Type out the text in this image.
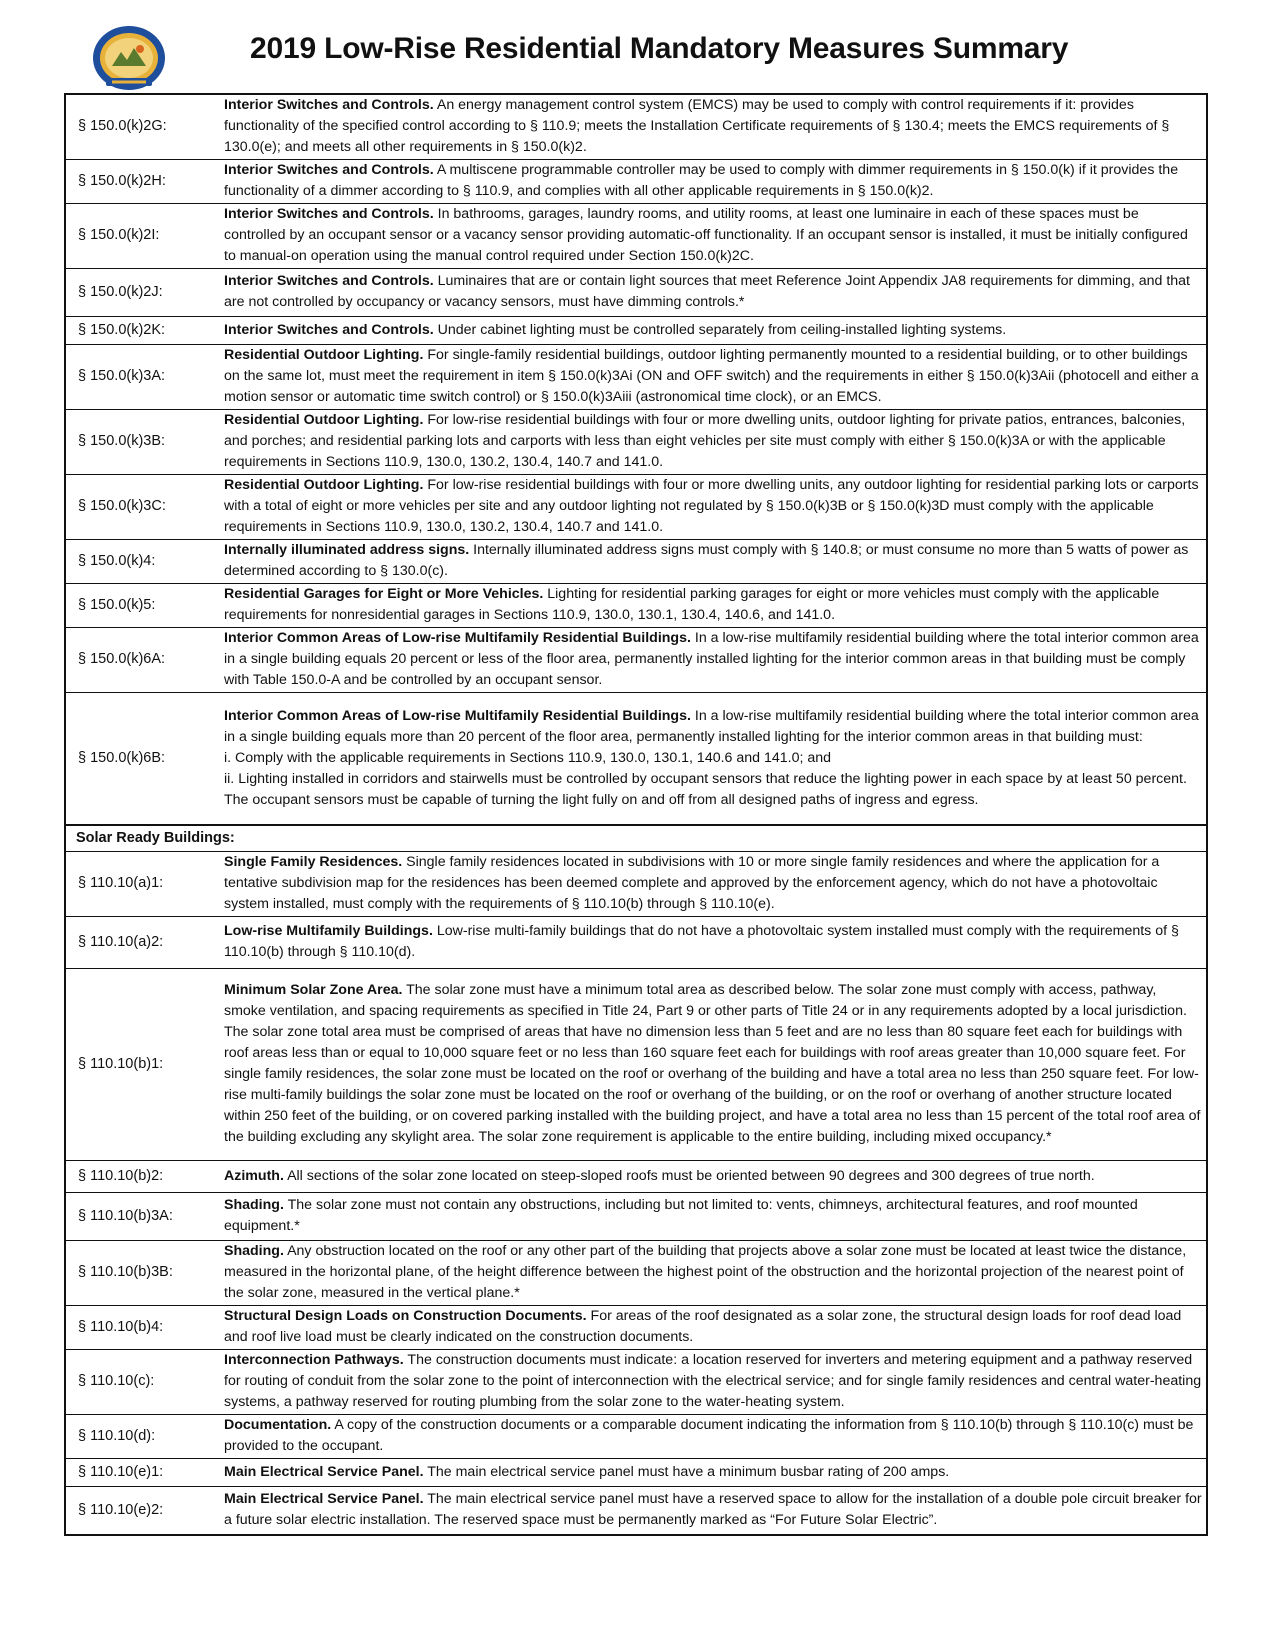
2019 Low-Rise Residential Mandatory Measures Summary
§ 150.0(k)2G:	Interior Switches and Controls. An energy management control system (EMCS) may be used to comply with control requirements if it: provides functionality of the specified control according to § 110.9; meets the Installation Certificate requirements of § 130.4; meets the EMCS requirements of § 130.0(e); and meets all other requirements in § 150.0(k)2.
§ 150.0(k)2H:	Interior Switches and Controls. A multiscene programmable controller may be used to comply with dimmer requirements in § 150.0(k) if it provides the functionality of a dimmer according to § 110.9, and complies with all other applicable requirements in § 150.0(k)2.
§ 150.0(k)2I:	Interior Switches and Controls. In bathrooms, garages, laundry rooms, and utility rooms, at least one luminaire in each of these spaces must be controlled by an occupant sensor or a vacancy sensor providing automatic-off functionality. If an occupant sensor is installed, it must be initially configured to manual-on operation using the manual control required under Section 150.0(k)2C.
§ 150.0(k)2J:	Interior Switches and Controls. Luminaires that are or contain light sources that meet Reference Joint Appendix JA8 requirements for dimming, and that are not controlled by occupancy or vacancy sensors, must have dimming controls.*
§ 150.0(k)2K:	Interior Switches and Controls. Under cabinet lighting must be controlled separately from ceiling-installed lighting systems.
§ 150.0(k)3A:	Residential Outdoor Lighting. For single-family residential buildings, outdoor lighting permanently mounted to a residential building, or to other buildings on the same lot, must meet the requirement in item § 150.0(k)3Ai (ON and OFF switch) and the requirements in either § 150.0(k)3Aii (photocell and either a motion sensor or automatic time switch control) or § 150.0(k)3Aiii (astronomical time clock), or an EMCS.
§ 150.0(k)3B:	Residential Outdoor Lighting. For low-rise residential buildings with four or more dwelling units, outdoor lighting for private patios, entrances, balconies, and porches; and residential parking lots and carports with less than eight vehicles per site must comply with either § 150.0(k)3A or with the applicable requirements in Sections 110.9, 130.0, 130.2, 130.4, 140.7 and 141.0.
§ 150.0(k)3C:	Residential Outdoor Lighting. For low-rise residential buildings with four or more dwelling units, any outdoor lighting for residential parking lots or carports with a total of eight or more vehicles per site and any outdoor lighting not regulated by § 150.0(k)3B or § 150.0(k)3D must comply with the applicable requirements in Sections 110.9, 130.0, 130.2, 130.4, 140.7 and 141.0.
§ 150.0(k)4:	Internally illuminated address signs. Internally illuminated address signs must comply with § 140.8; or must consume no more than 5 watts of power as determined according to § 130.0(c).
§ 150.0(k)5:	Residential Garages for Eight or More Vehicles. Lighting for residential parking garages for eight or more vehicles must comply with the applicable requirements for nonresidential garages in Sections 110.9, 130.0, 130.1, 130.4, 140.6, and 141.0.
§ 150.0(k)6A:	Interior Common Areas of Low-rise Multifamily Residential Buildings. In a low-rise multifamily residential building where the total interior common area in a single building equals 20 percent or less of the floor area, permanently installed lighting for the interior common areas in that building must be comply with Table 150.0-A and be controlled by an occupant sensor.
§ 150.0(k)6B:	Interior Common Areas of Low-rise Multifamily Residential Buildings. In a low-rise multifamily residential building where the total interior common area in a single building equals more than 20 percent of the floor area, permanently installed lighting for the interior common areas in that building must:
i. Comply with the applicable requirements in Sections 110.9, 130.0, 130.1, 140.6 and 141.0; and
ii. Lighting installed in corridors and stairwells must be controlled by occupant sensors that reduce the lighting power in each space by at least 50 percent. The occupant sensors must be capable of turning the light fully on and off from all designed paths of ingress and egress.

Solar Ready Buildings:	
§ 110.10(a)1:	Single Family Residences. Single family residences located in subdivisions with 10 or more single family residences and where the application for a tentative subdivision map for the residences has been deemed complete and approved by the enforcement agency, which do not have a photovoltaic system installed, must comply with the requirements of § 110.10(b) through § 110.10(e).
§ 110.10(a)2:	Low-rise Multifamily Buildings. Low-rise multi-family buildings that do not have a photovoltaic system installed must comply with the requirements of § 110.10(b) through § 110.10(d).
§ 110.10(b)1:	Minimum Solar Zone Area. The solar zone must have a minimum total area as described below. The solar zone must comply with access, pathway, smoke ventilation, and spacing requirements as specified in Title 24, Part 9 or other parts of Title 24 or in any requirements adopted by a local jurisdiction. The solar zone total area must be comprised of areas that have no dimension less than 5 feet and are no less than 80 square feet each for buildings with roof areas less than or equal to 10,000 square feet or no less than 160 square feet each for buildings with roof areas greater than 10,000 square feet. For single family residences, the solar zone must be located on the roof or overhang of the building and have a total area no less than 250 square feet. For low-rise multi-family buildings the solar zone must be located on the roof or overhang of the building, or on the roof or overhang of another structure located within 250 feet of the building, or on covered parking installed with the building project, and have a total area no less than 15 percent of the total roof area of the building excluding any skylight area. The solar zone requirement is applicable to the entire building, including mixed occupancy.*
§ 110.10(b)2:	Azimuth. All sections of the solar zone located on steep-sloped roofs must be oriented between 90 degrees and 300 degrees of true north.
§ 110.10(b)3A:	Shading. The solar zone must not contain any obstructions, including but not limited to: vents, chimneys, architectural features, and roof mounted equipment.*
§ 110.10(b)3B:	Shading. Any obstruction located on the roof or any other part of the building that projects above a solar zone must be located at least twice the distance, measured in the horizontal plane, of the height difference between the highest point of the obstruction and the horizontal projection of the nearest point of the solar zone, measured in the vertical plane.*
§ 110.10(b)4:	Structural Design Loads on Construction Documents. For areas of the roof designated as a solar zone, the structural design loads for roof dead load and roof live load must be clearly indicated on the construction documents.
§ 110.10(c):	Interconnection Pathways. The construction documents must indicate: a location reserved for inverters and metering equipment and a pathway reserved for routing of conduit from the solar zone to the point of interconnection with the electrical service; and for single family residences and central water-heating systems, a pathway reserved for routing plumbing from the solar zone to the water-heating system.
§ 110.10(d):	Documentation. A copy of the construction documents or a comparable document indicating the information from § 110.10(b) through § 110.10(c) must be provided to the occupant.
§ 110.10(e)1:	Main Electrical Service Panel. The main electrical service panel must have a minimum busbar rating of 200 amps.
§ 110.10(e)2:	Main Electrical Service Panel. The main electrical service panel must have a reserved space to allow for the installation of a double pole circuit breaker for a future solar electric installation. The reserved space must be permanently marked as “For Future Solar Electric”.
